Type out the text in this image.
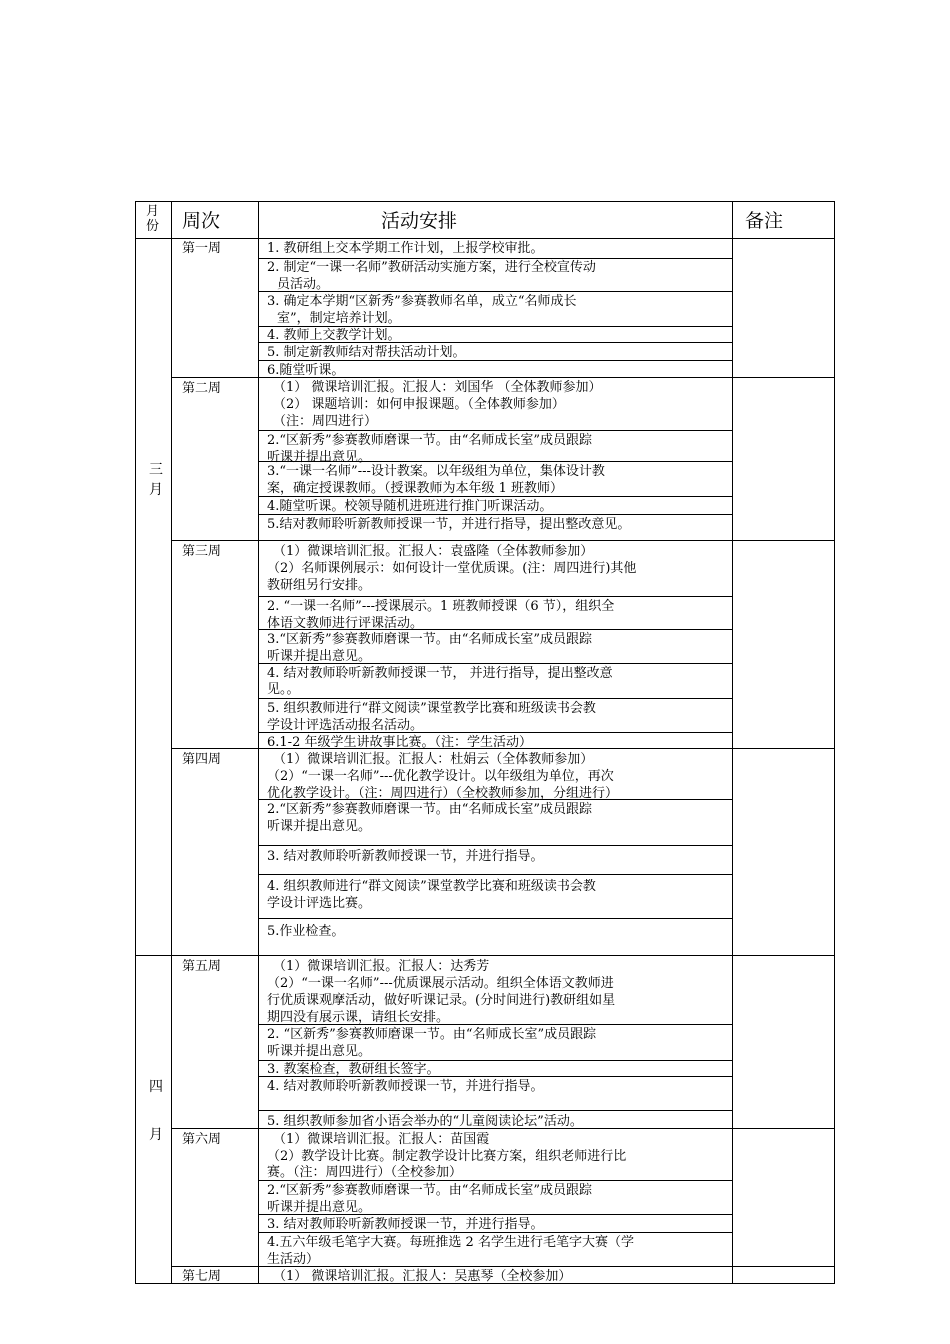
月份 周次	活动安排	备注
三月
四
月
第一周
第二周
第三周
第四周
第五周
第六周
第七周
1. 教研组上交本学期工作计划，上报学校审批。
2. 制定“一课一名师”教研活动实施方案，进行全校宣传动
员活动。
3. 确定本学期“区新秀”参赛教师名单，成立“名师成长
室”，制定培养计划。
4. 教师上交教学计划。
5. 制定新教师结对帮扶活动计划。
6.随堂听课。
（1） 微课培训汇报。汇报人：刘国华 （全体教师参加）
（2） 课题培训：如何申报课题。（全体教师参加）
（注：周四进行）
2.“区新秀”参赛教师磨课一节。由“名师成长室”成员跟踪
听课并提出意见。
3.“一课一名师”---设计教案。以年级组为单位，集体设计教
案，确定授课教师。（授课教师为本年级 1 班教师）
4.随堂听课。校领导随机进班进行推门听课活动。
5.结对教师聆听新教师授课一节，并进行指导，提出整改意见。
（1）微课培训汇报。汇报人：袁盛隆（全体教师参加）
（2）名师课例展示：如何设计一堂优质课。(注：周四进行)其他
教研组另行安排。
2. “一课一名师”---授课展示。1 班教师授课（6 节），组织全
体语文教师进行评课活动。
3.“区新秀”参赛教师磨课一节。由“名师成长室”成员跟踪
听课并提出意见。
4. 结对教师聆听新教师授课一节， 并进行指导，提出整改意
见。。
5. 组织教师进行“群文阅读”课堂教学比赛和班级读书会教
学设计评选活动报名活动。
6.1-2 年级学生讲故事比赛。（注：学生活动）
（1）微课培训汇报。汇报人：杜娟云（全体教师参加）
（2）“一课一名师”---优化教学设计。以年级组为单位，再次
优化教学设计。（注：周四进行）（全校教师参加，分组进行）
2.“区新秀”参赛教师磨课一节。由“名师成长室”成员跟踪
听课并提出意见。
3. 结对教师聆听新教师授课一节，并进行指导。
4. 组织教师进行“群文阅读”课堂教学比赛和班级读书会教
学设计评选比赛。
5.作业检查。
（1）微课培训汇报。汇报人：达秀芳
（2）“一课一名师”---优质课展示活动。组织全体语文教师进
行优质课观摩活动，做好听课记录。(分时间进行)教研组如星
期四没有展示课，请组长安排。
2. “区新秀”参赛教师磨课一节。由“名师成长室”成员跟踪
听课并提出意见。
3. 教案检查，教研组长签字。
4. 结对教师聆听新教师授课一节，并进行指导。
5. 组织教师参加省小语会举办的“儿童阅读论坛”活动。
（1）微课培训汇报。汇报人：苗国霞
（2）教学设计比赛。制定教学设计比赛方案，组织老师进行比
赛。（注：周四进行）（全校参加）
2.“区新秀”参赛教师磨课一节。由“名师成长室”成员跟踪
听课并提出意见。
3. 结对教师聆听新教师授课一节，并进行指导。
4.五六年级毛笔字大赛。每班推选 2 名学生进行毛笔字大赛（学
生活动）
（1） 微课培训汇报。汇报人：吴惠琴（全校参加）
